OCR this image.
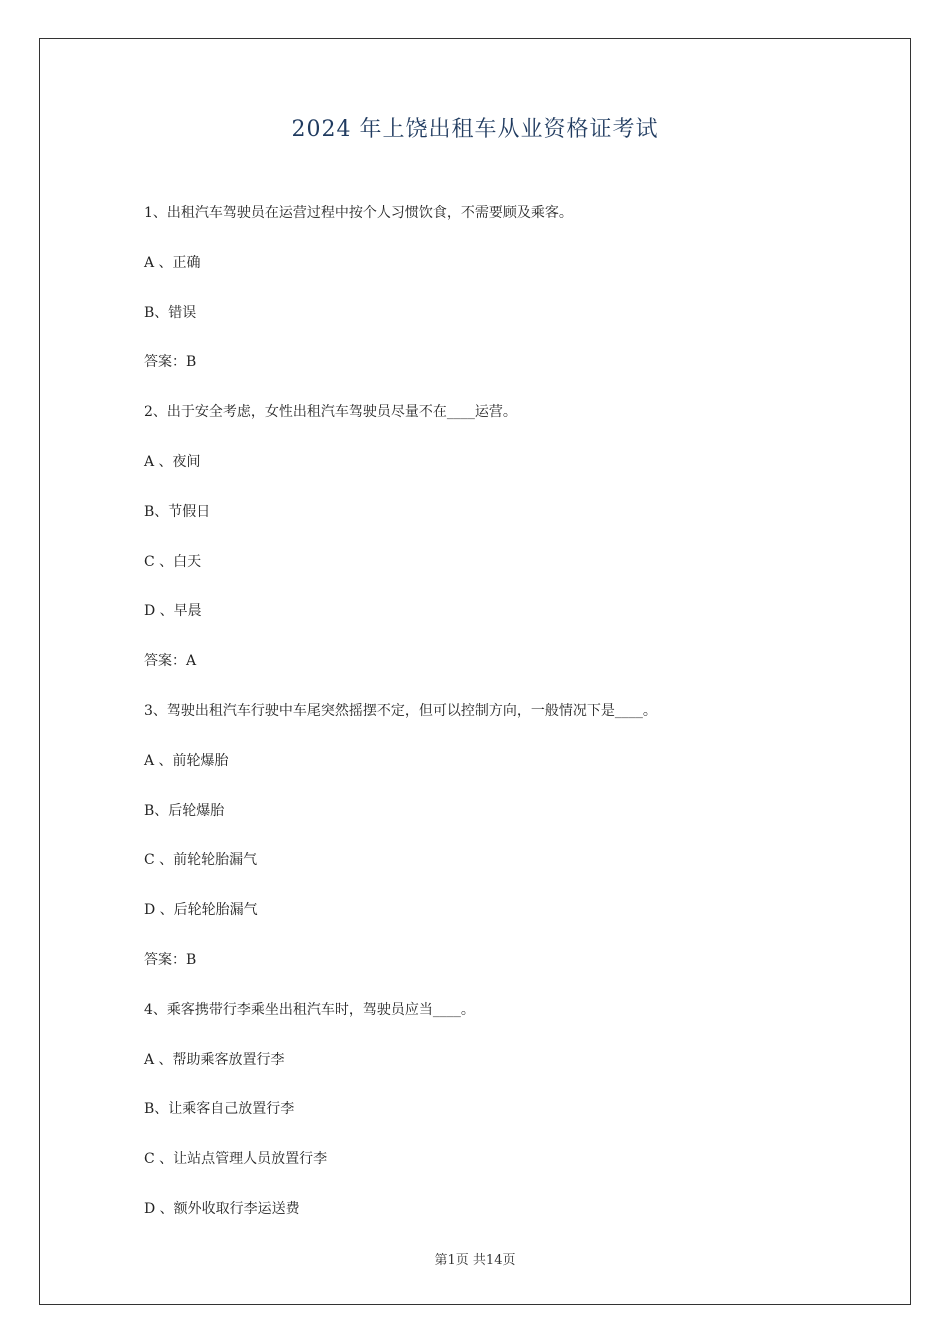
2024 年上饶出租车从业资格证考试
1、出租汽车驾驶员在运营过程中按个人习惯饮食，不需要顾及乘客。
A 、正确
B、错误
答案：B
2、出于安全考虑，女性出租汽车驾驶员尽量不在____运营。
A 、夜间
B、节假日
C 、白天
D 、早晨
答案：A
3、驾驶出租汽车行驶中车尾突然摇摆不定，但可以控制方向，一般情况下是____。
A 、前轮爆胎
B、后轮爆胎
C 、前轮轮胎漏气
D 、后轮轮胎漏气
答案：B
4、乘客携带行李乘坐出租汽车时，驾驶员应当____。
A 、帮助乘客放置行李
B、让乘客自己放置行李
C 、让站点管理人员放置行李
D 、额外收取行李运送费
第1页 共14页
